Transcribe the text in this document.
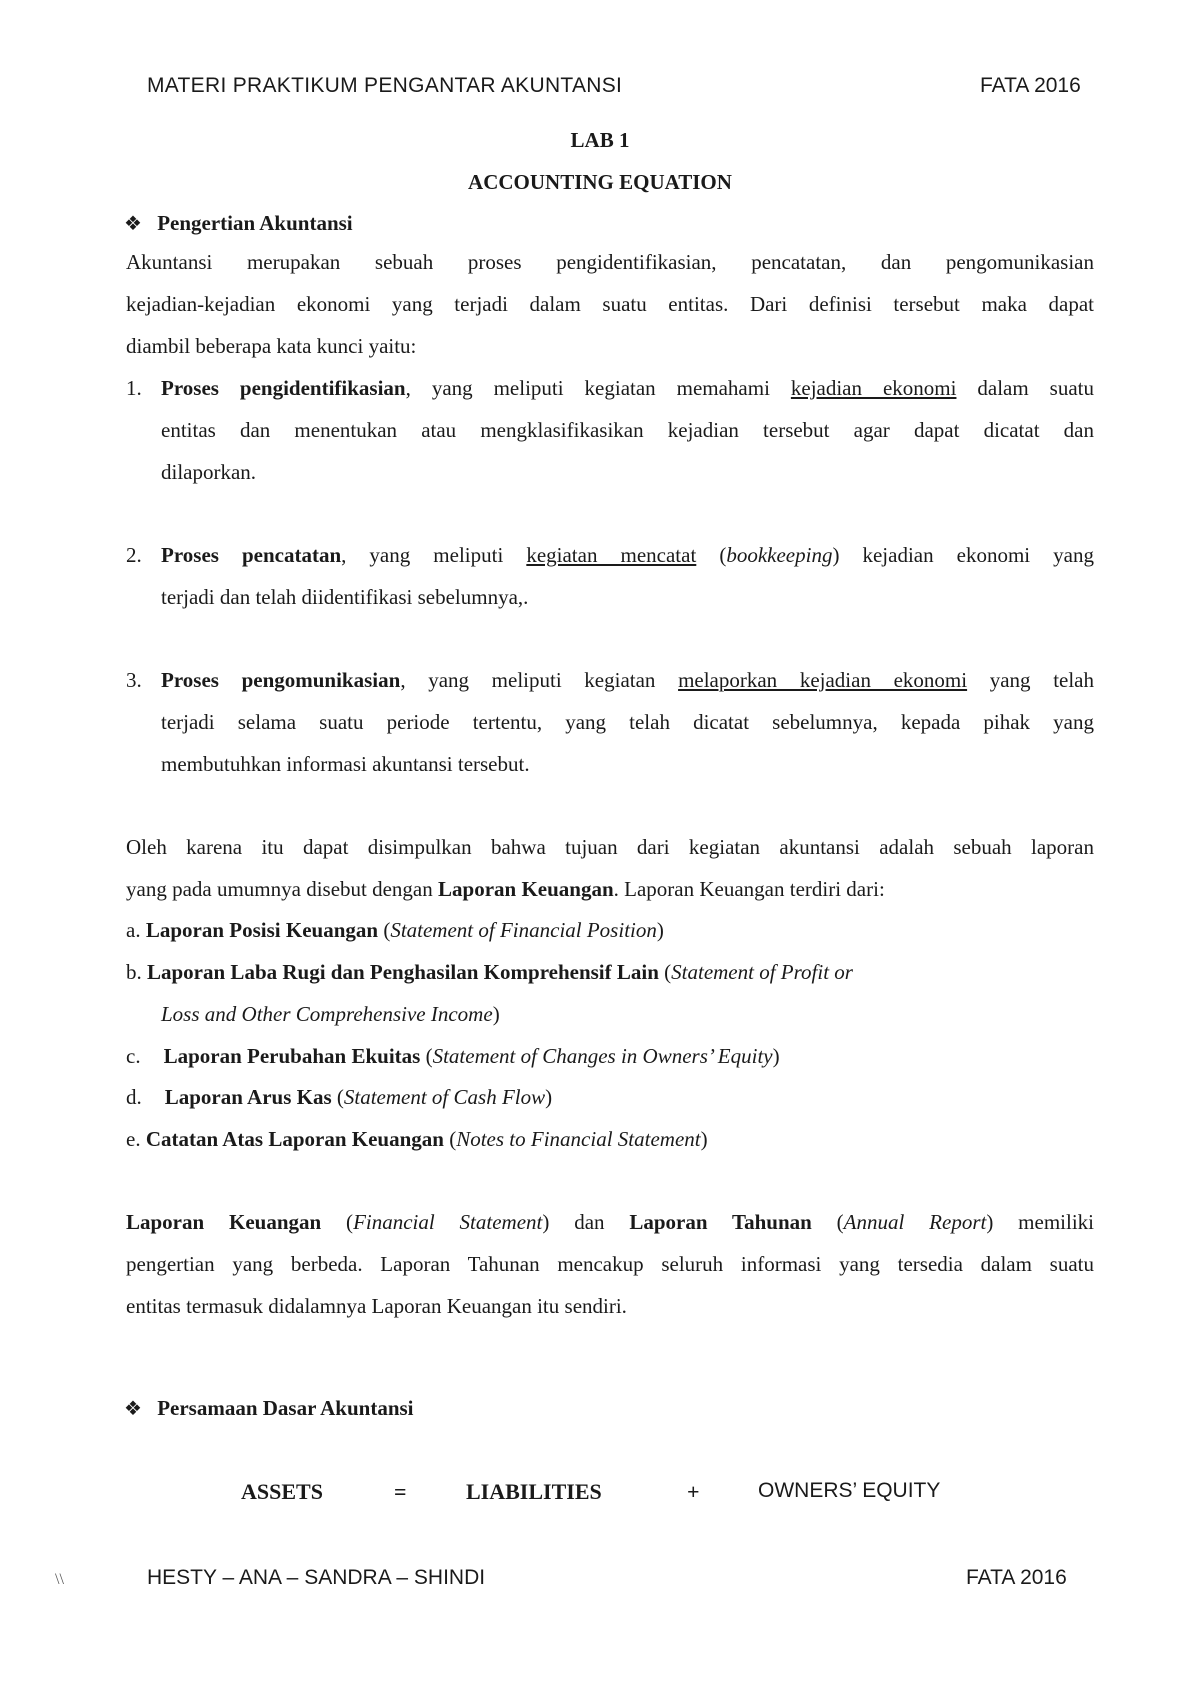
MATERI PRAKTIKUM PENGANTAR AKUNTANSI	FATA 2016
LAB 1
ACCOUNTING EQUATION
❖ Pengertian Akuntansi
Akuntansi merupakan sebuah proses pengidentifikasian, pencatatan, dan pengomunikasian
kejadian-kejadian ekonomi yang terjadi dalam suatu entitas. Dari definisi tersebut maka dapat
diambil beberapa kata kunci yaitu:
1. Proses pengidentifikasian, yang meliputi kegiatan memahami kejadian ekonomi dalam suatu
entitas dan menentukan atau mengklasifikasikan kejadian tersebut agar dapat dicatat dan
dilaporkan.
2. Proses pencatatan, yang meliputi kegiatan mencatat (bookkeeping) kejadian ekonomi yang
terjadi dan telah diidentifikasi sebelumnya,.
3. Proses pengomunikasian, yang meliputi kegiatan melaporkan kejadian ekonomi yang telah
terjadi selama suatu periode tertentu, yang telah dicatat sebelumnya, kepada pihak yang
membutuhkan informasi akuntansi tersebut.
Oleh karena itu dapat disimpulkan bahwa tujuan dari kegiatan akuntansi adalah sebuah laporan
yang pada umumnya disebut dengan Laporan Keuangan. Laporan Keuangan terdiri dari:
a. Laporan Posisi Keuangan (Statement of Financial Position)
b. Laporan Laba Rugi dan Penghasilan Komprehensif Lain (Statement of Profit or
Loss and Other Comprehensive Income)
c. Laporan Perubahan Ekuitas (Statement of Changes in Owners’ Equity)
d. Laporan Arus Kas (Statement of Cash Flow)
e. Catatan Atas Laporan Keuangan (Notes to Financial Statement)
Laporan Keuangan (Financial Statement) dan Laporan Tahunan (Annual Report) memiliki
pengertian yang berbeda. Laporan Tahunan mencakup seluruh informasi yang tersedia dalam suatu
entitas termasuk didalamnya Laporan Keuangan itu sendiri.
❖ Persamaan Dasar Akuntansi
ASSETS	=	LIABILITIES	+	OWNERS’ EQUITY
\\	HESTY – ANA – SANDRA – SHINDI	FATA 2016
